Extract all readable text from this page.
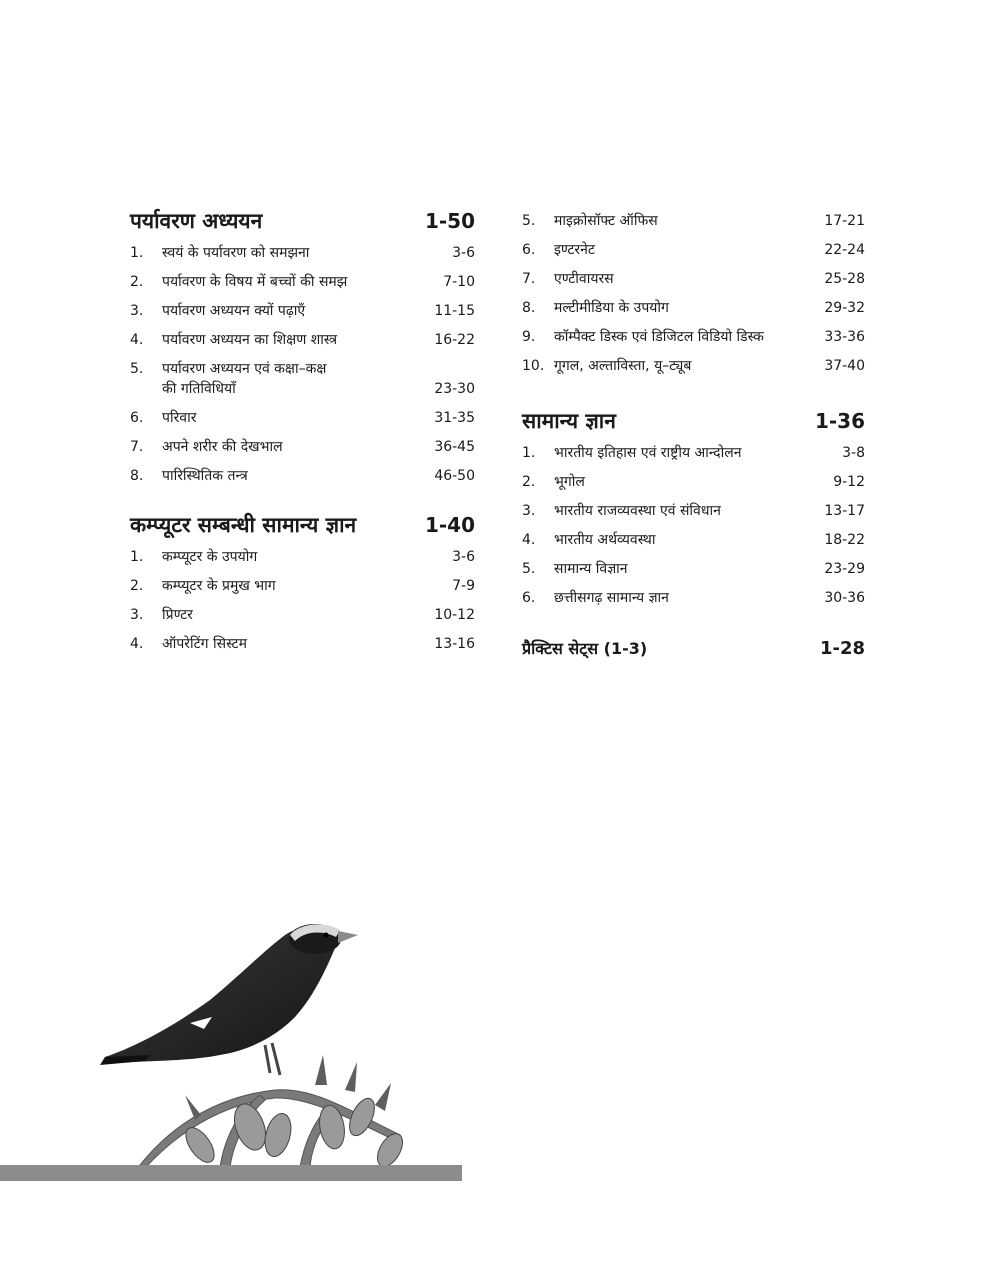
पर्यावरण अध्ययन	1-50
1.	स्वयं के पर्यावरण को समझना	3-6
2.	पर्यावरण के विषय में बच्चों की समझ	7-10
3.	पर्यावरण अध्ययन क्यों पढ़ाएँ	11-15
4.	पर्यावरण अध्ययन का शिक्षण शास्त्र	16-22
5.	पर्यावरण अध्ययन एवं कक्षा–कक्ष
की गतिविधियाँ	23-30
6.	परिवार	31-35
7.	अपने शरीर की देखभाल	36-45
8.	पारिस्थितिक तन्त्र	46-50
कम्प्यूटर सम्बन्धी सामान्य ज्ञान	1-40
1.	कम्प्यूटर के उपयोग	3-6
2.	कम्प्यूटर के प्रमुख भाग	7-9
3.	प्रिण्टर	10-12
4.	ऑपरेटिंग सिस्टम	13-16
5.	माइक्रोसॉफ्ट ऑफिस	17-21
6.	इण्टरनेट	22-24
7.	एण्टीवायरस	25-28
8.	मल्टीमीडिया के उपयोग	29-32
9.	कॉम्पैक्ट डिस्क एवं डिजिटल विडियो डिस्क	33-36
10. गूगल, अल्ताविस्ता, यू–ट्यूब	37-40
सामान्य ज्ञान	1-36
1.	भारतीय इतिहास एवं राष्ट्रीय आन्दोलन	3-8
2.	भूगोल	9-12
3.	भारतीय राजव्यवस्था एवं संविधान	13-17
4.	भारतीय अर्थव्यवस्था	18-22
5.	सामान्य विज्ञान	23-29
6.	छत्तीसगढ़ सामान्य ज्ञान	30-36
प्रैक्टिस सेट्स (1-3)	1-28
